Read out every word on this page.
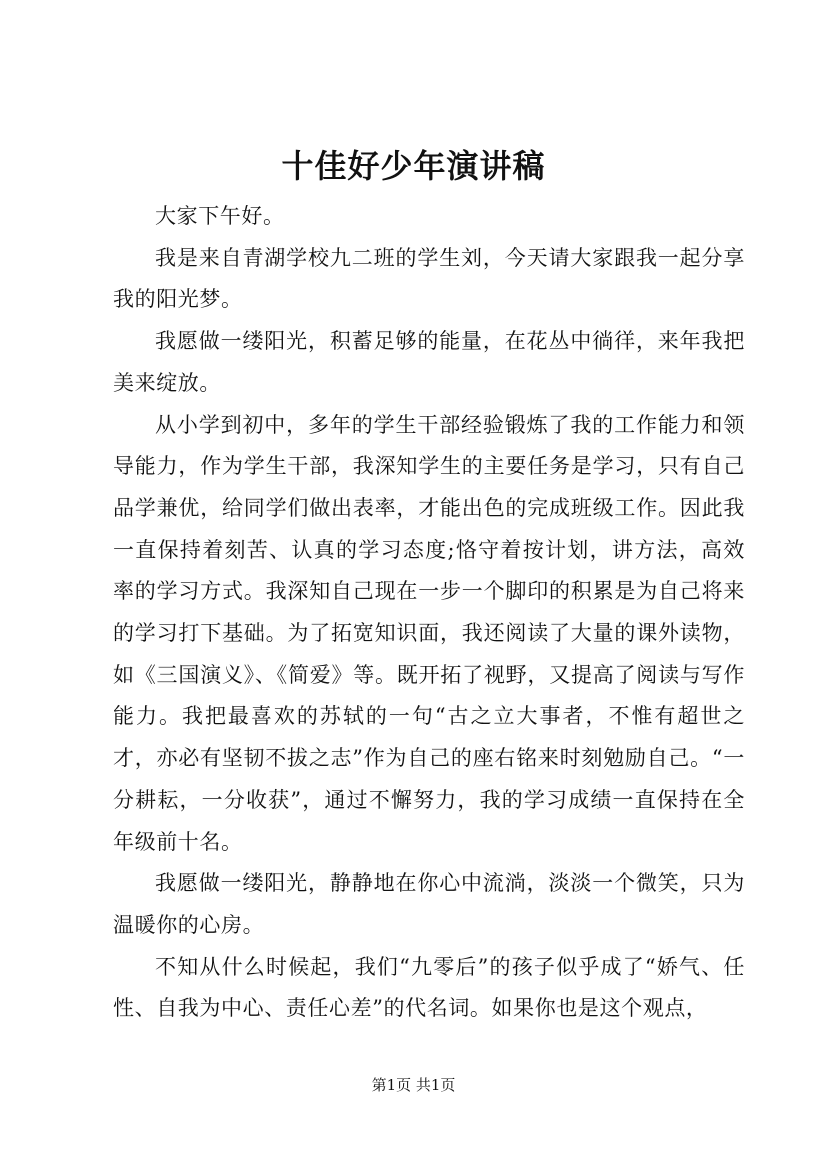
十佳好少年演讲稿

大家下午好。

我是来自青湖学校九二班的学生刘，今天请大家跟我一起分享我的阳光梦。

我愿做一缕阳光，积蓄足够的能量，在花丛中徜徉，来年我把美来绽放。

从小学到初中，多年的学生干部经验锻炼了我的工作能力和领导能力，作为学生干部，我深知学生的主要任务是学习，只有自己品学兼优，给同学们做出表率，才能出色的完成班级工作。因此我一直保持着刻苦、认真的学习态度;恪守着按计划，讲方法，高效率的学习方式。我深知自己现在一步一个脚印的积累是为自己将来的学习打下基础。为了拓宽知识面，我还阅读了大量的课外读物，如《三国演义》、《简爱》等。既开拓了视野，又提高了阅读与写作能力。我把最喜欢的苏轼的一句“古之立大事者，不惟有超世之才，亦必有坚韧不拔之志”作为自己的座右铭来时刻勉励自己。“一分耕耘，一分收获”，通过不懈努力，我的学习成绩一直保持在全年级前十名。

我愿做一缕阳光，静静地在你心中流淌，淡淡一个微笑，只为温暖你的心房。

不知从什么时候起，我们“九零后”的孩子似乎成了“娇气、任性、自我为中心、责任心差”的代名词。如果你也是这个观点，

第1页 共1页
